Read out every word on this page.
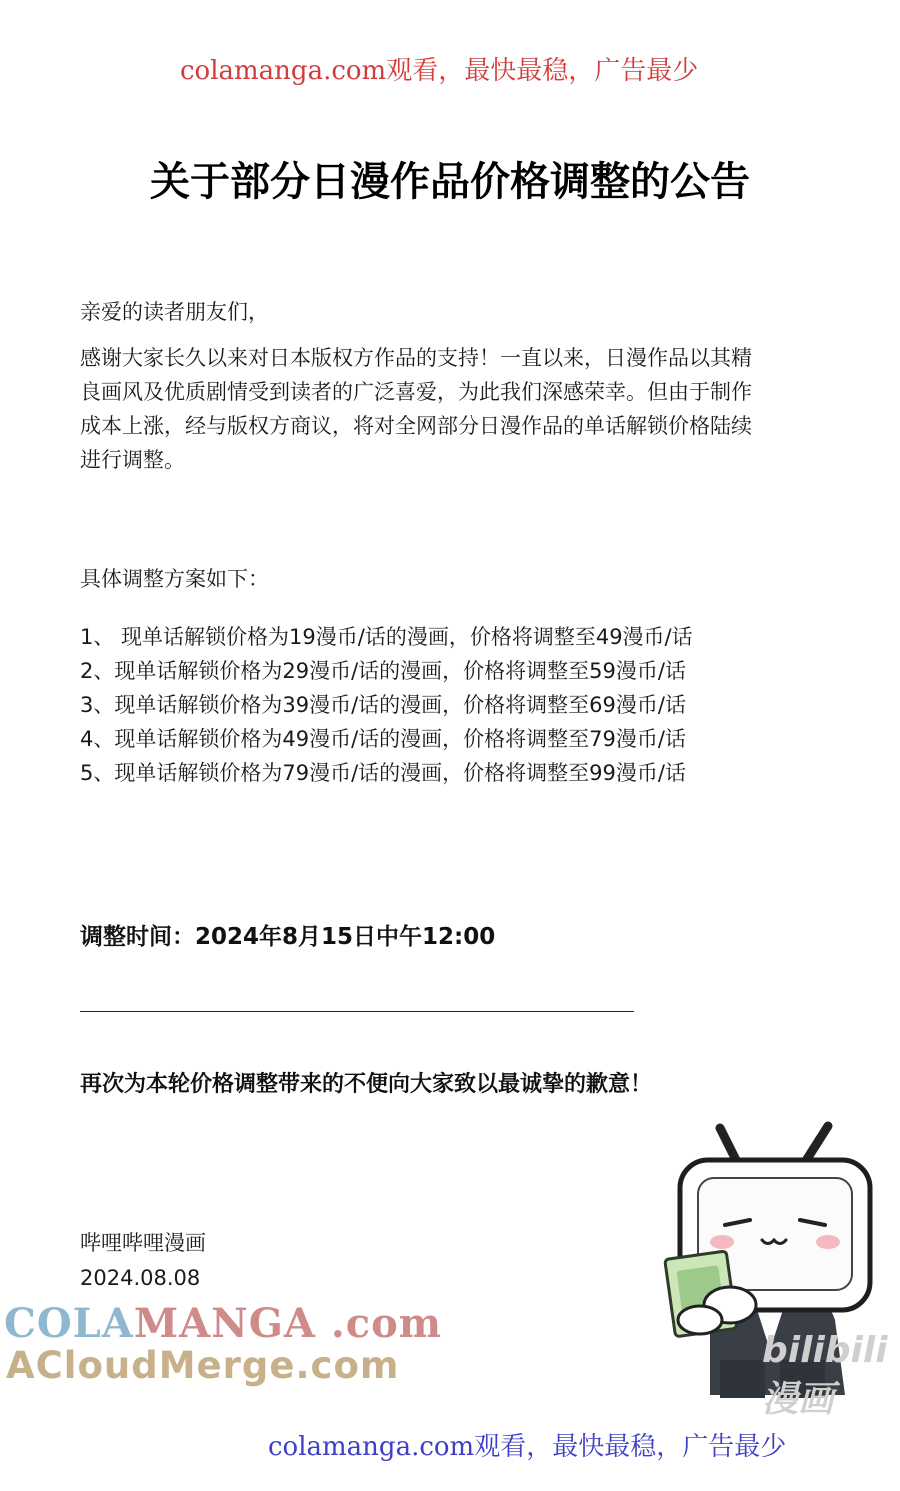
colamanga.com观看，最快最稳，广告最少
关于部分日漫作品价格调整的公告
亲爱的读者朋友们，
感谢大家长久以来对日本版权方作品的支持！一直以来，日漫作品以其精
良画风及优质剧情受到读者的广泛喜爱，为此我们深感荣幸。但由于制作
成本上涨，经与版权方商议，将对全网部分日漫作品的单话解锁价格陆续
进行调整。
具体调整方案如下：
1、 现单话解锁价格为19漫币/话的漫画，价格将调整至49漫币/话
2、现单话解锁价格为29漫币/话的漫画，价格将调整至59漫币/话
3、现单话解锁价格为39漫币/话的漫画，价格将调整至69漫币/话
4、现单话解锁价格为49漫币/话的漫画，价格将调整至79漫币/话
5、现单话解锁价格为79漫币/话的漫画，价格将调整至99漫币/话
调整时间：2024年8月15日中午12:00
再次为本轮价格调整带来的不便向大家致以最诚挚的歉意！
哔哩哔哩漫画
2024.08.08
COLAMANGA .com
ACloudMerge.com	bilibili 漫画
colamanga.com观看，最快最稳，广告最少
